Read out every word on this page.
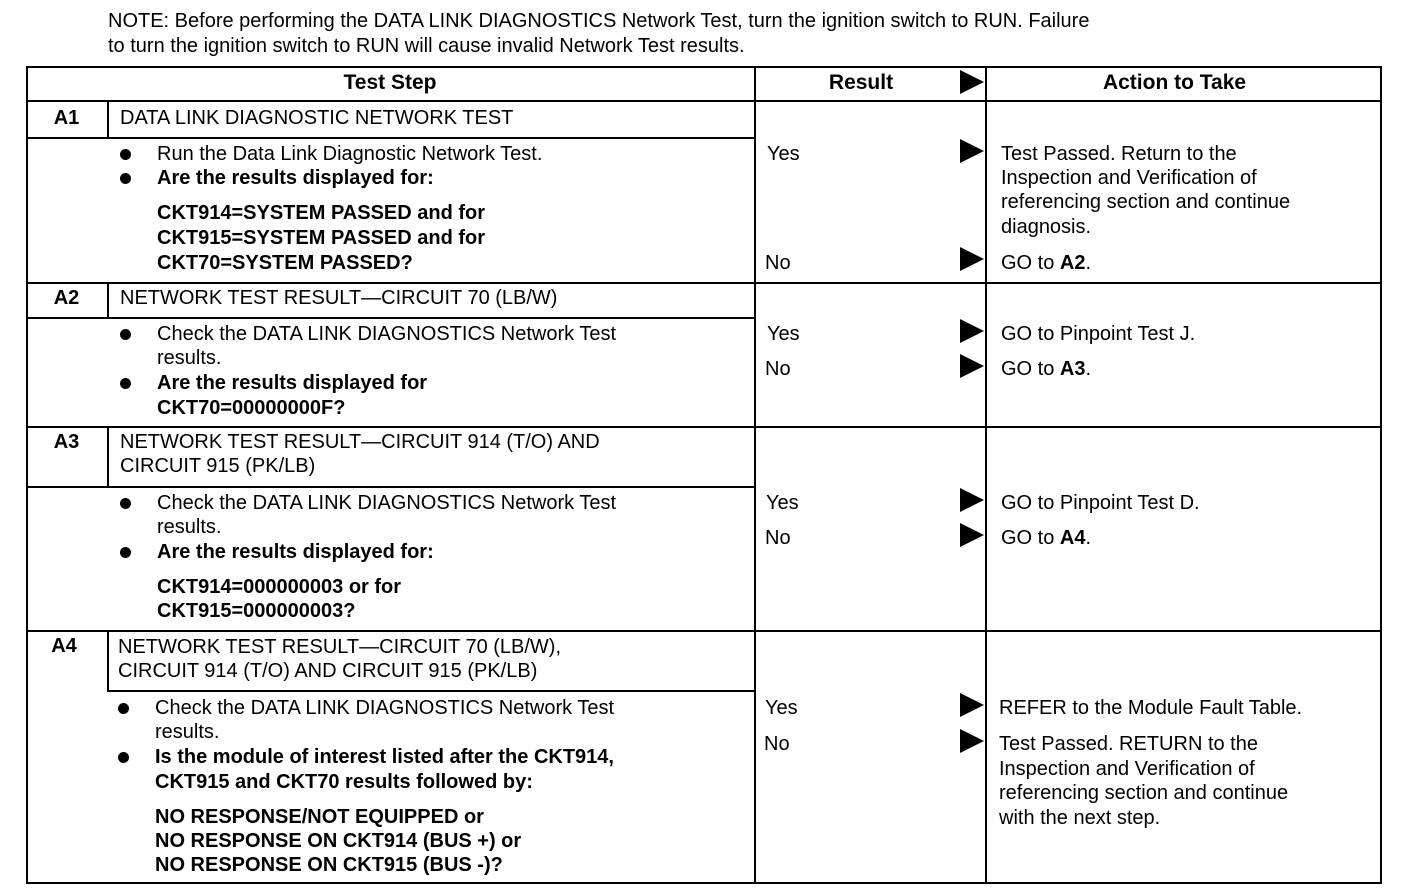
NOTE: Before performing the DATA LINK DIAGNOSTICS Network Test, turn the ignition switch to RUN. Failure
to turn the ignition switch to RUN will cause invalid Network Test results.
Test Step	Result	Action to Take
A1	DATA LINK DIAGNOSTIC NETWORK TEST
Run the Data Link Diagnostic Network Test.
Are the results displayed for:
CKT914=SYSTEM PASSED and for
CKT915=SYSTEM PASSED and for
CKT70=SYSTEM PASSED?
Yes	Test Passed. Return to the
Inspection and Verification of
referencing section and continue
diagnosis.
No	GO to A2.
A2	NETWORK TEST RESULT—CIRCUIT 70 (LB/W)
Check the DATA LINK DIAGNOSTICS Network Test
results.
Are the results displayed for
CKT70=00000000F?
Yes	GO to Pinpoint Test J.
No	GO to A3.
A3	NETWORK TEST RESULT—CIRCUIT 914 (T/O) AND
CIRCUIT 915 (PK/LB)
Check the DATA LINK DIAGNOSTICS Network Test
results.
Are the results displayed for:
CKT914=000000003 or for
CKT915=000000003?
Yes	GO to Pinpoint Test D.
No	GO to A4.
A4	NETWORK TEST RESULT—CIRCUIT 70 (LB/W),
CIRCUIT 914 (T/O) AND CIRCUIT 915 (PK/LB)
Check the DATA LINK DIAGNOSTICS Network Test
results.
Is the module of interest listed after the CKT914,
CKT915 and CKT70 results followed by:
NO RESPONSE/NOT EQUIPPED or
NO RESPONSE ON CKT914 (BUS +) or
NO RESPONSE ON CKT915 (BUS -)?
Yes	REFER to the Module Fault Table.
No	Test Passed. RETURN to the
Inspection and Verification of
referencing section and continue
with the next step.
